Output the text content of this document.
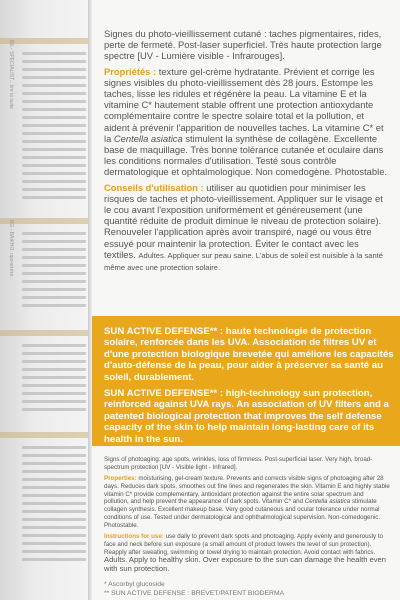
BE - SPECIALIST... lire la suite
BG - ВАЖНО: прочетете...

Signes du photo-vieillissement cutané : taches pigmentaires, rides, perte de fermeté. Post-laser superficiel. Très haute protection large spectre [UV - Lumière visible - Infrarouges].

Propriétés : texture gel-crème hydratante. Prévient et corrige les signes visibles du photo-vieillissement dès 28 jours. Estompe les taches, lisse les ridules et régénère la peau. La vitamine E et la vitamine C* hautement stable offrent une protection antioxydante complémentaire contre le spectre solaire total et la pollution, et aident à prévenir l'apparition de nouvelles taches. La vitamine C* et la Centella asiatica stimulent la synthèse de collagène. Excellente base de maquillage. Très bonne tolérance cutanée et oculaire dans les conditions normales d'utilisation. Testé sous contrôle dermatologique et ophtalmologique. Non comedogène. Photostable.

Conseils d'utilisation : utiliser au quotidien pour minimiser les risques de taches et photo-vieillissement. Appliquer sur le visage et le cou avant l'exposition uniformément et généreusement (une quantité réduite de produit diminue le niveau de protection solaire). Renouveler l'application après avoir transpiré, nagé ou vous être essuyé pour maintenir la protection. Éviter le contact avec les textiles. Adultes. Appliquer sur peau saine. L'abus de soleil est nuisible à la santé même avec une protection solaire.

SUN ACTIVE DEFENSE** : haute technologie de protection solaire, renforcée dans les UVA. Association de filtres UV et d'une protection biologique brevetée qui améliore les capacités d'auto-défense de la peau, pour aider à préserver sa santé au soleil, durablement.
SUN ACTIVE DEFENSE** : high-technology sun protection, reinforced against UVA rays. An association of UV filters and a patented biological protection that improves the self defense capacity of the skin to help maintain long-lasting care of its health in the sun.

Signs of photoaging: age spots, wrinkles, loss of firmness. Post-superficial laser. Very high, broad-spectrum protection [UV - Visible light - Infrared].

Properties: moisturising, gel-cream texture. Prevents and corrects visible signs of photoaging after 28 days. Reduces dark spots, smoothes out fine lines and regenerates the skin. Vitamin E and highly stable vitamin C* provide complementary, antioxidant protection against the entire solar spectrum and pollution, and help prevent the appearance of dark spots. Vitamin C* and Centella asiatica stimulate collagen synthesis. Excellent makeup base. Very good cutaneous and ocular tolerance under normal conditions of use. Tested under dermatological and ophthalmological supervision. Non-comedogenic. Photostable.

Instructions for use: use daily to prevent dark spots and photoaging. Apply evenly and generously to face and neck before sun exposure (a small amount of product lowers the level of sun protection). Reapply after sweating, swimming or towel drying to maintain protection. Avoid contact with fabrics. Adults. Apply to healthy skin. Over exposure to the sun can damage the health even with sun protection.

* Ascorbyl glucoside

** SUN ACTIVE DEFENSE : BREVET/PATENT BIODERMA
